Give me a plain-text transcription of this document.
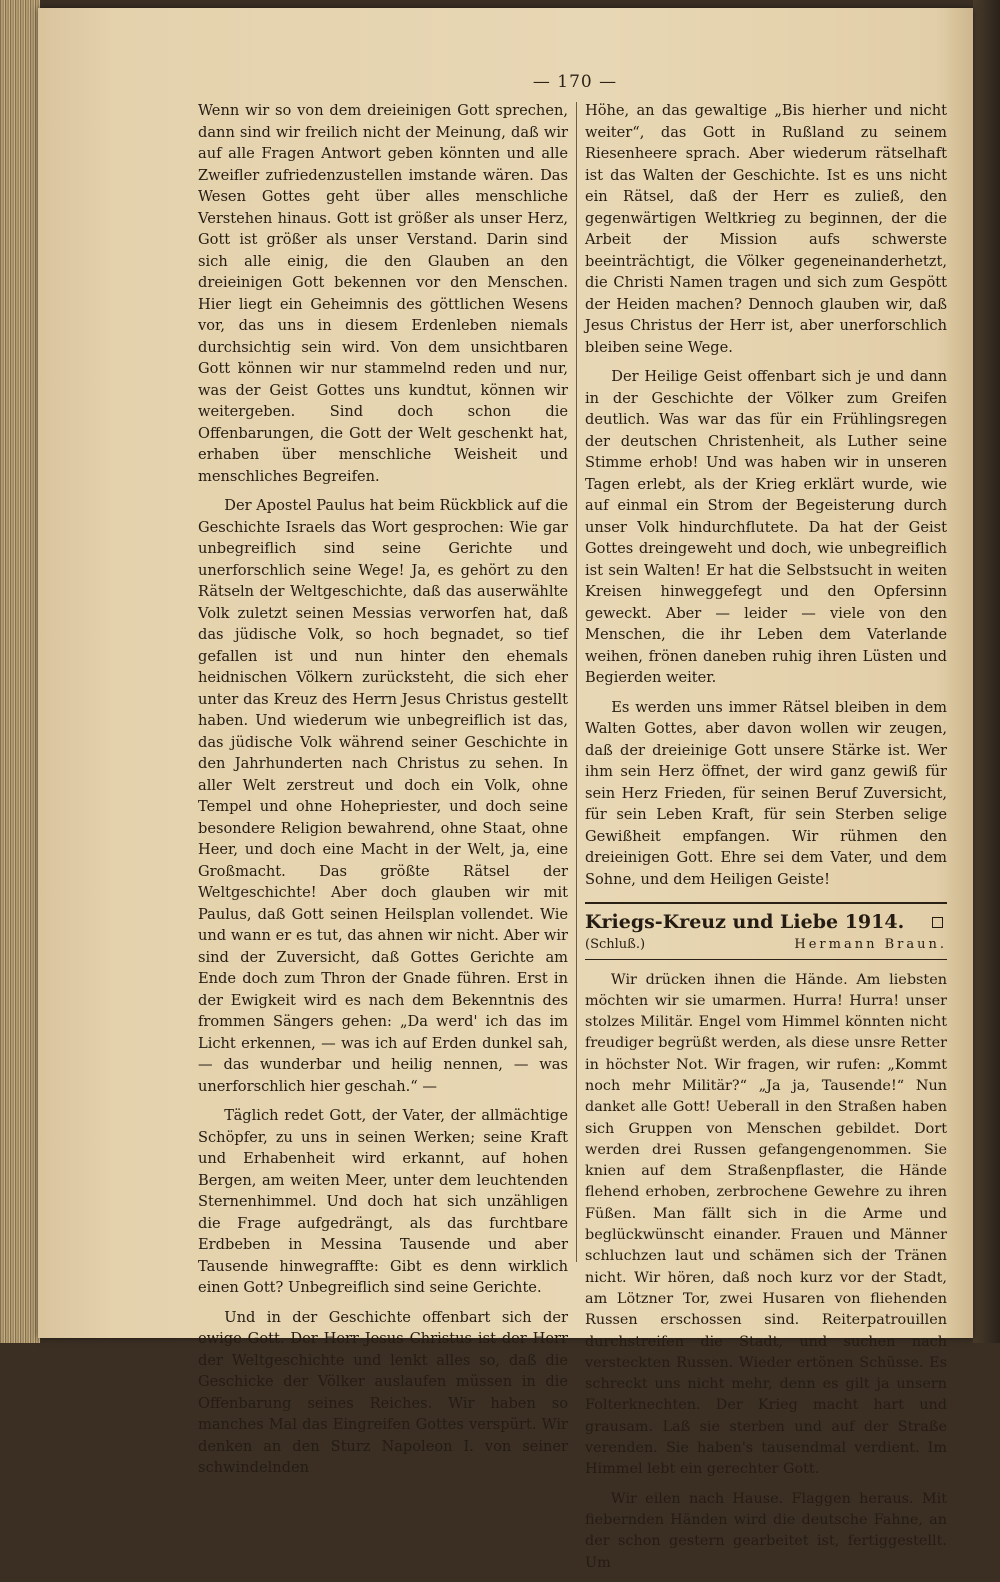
— 170 —

Wenn wir so von dem dreieinigen Gott sprechen, dann sind wir freilich nicht der Meinung, daß wir auf alle Fragen Antwort geben könnten und alle Zweifler zufriedenzustellen imstande wären. Das Wesen Gottes geht über alles menschliche Verstehen hinaus. Gott ist größer als unser Herz, Gott ist größer als unser Verstand. Darin sind sich alle einig, die den Glauben an den dreieinigen Gott bekennen vor den Menschen. Hier liegt ein Geheimnis des göttlichen Wesens vor, das uns in diesem Erdenleben niemals durchsichtig sein wird. Von dem unsichtbaren Gott können wir nur stammelnd reden und nur, was der Geist Gottes uns kundtut, können wir weitergeben. Sind doch schon die Offenbarungen, die Gott der Welt geschenkt hat, erhaben über menschliche Weisheit und menschliches Begreifen.

Der Apostel Paulus hat beim Rückblick auf die Geschichte Israels das Wort gesprochen: Wie gar unbegreiflich sind seine Gerichte und unerforschlich seine Wege! Ja, es gehört zu den Rätseln der Weltgeschichte, daß das auserwählte Volk zuletzt seinen Messias verworfen hat, daß das jüdische Volk, so hoch begnadet, so tief gefallen ist und nun hinter den ehemals heidnischen Völkern zurücksteht, die sich eher unter das Kreuz des Herrn Jesus Christus gestellt haben. Und wiederum wie unbegreiflich ist das, das jüdische Volk während seiner Geschichte in den Jahrhunderten nach Christus zu sehen. In aller Welt zerstreut und doch ein Volk, ohne Tempel und ohne Hohepriester, und doch seine besondere Religion bewahrend, ohne Staat, ohne Heer, und doch eine Macht in der Welt, ja, eine Großmacht. Das größte Rätsel der Weltgeschichte! Aber doch glauben wir mit Paulus, daß Gott seinen Heilsplan vollendet. Wie und wann er es tut, das ahnen wir nicht. Aber wir sind der Zuversicht, daß Gottes Gerichte am Ende doch zum Thron der Gnade führen. Erst in der Ewigkeit wird es nach dem Bekenntnis des frommen Sängers gehen: „Da werd' ich das im Licht erkennen, — was ich auf Erden dunkel sah, — das wunderbar und heilig nennen, — was unerforschlich hier geschah.“ —

Täglich redet Gott, der Vater, der allmächtige Schöpfer, zu uns in seinen Werken; seine Kraft und Erhabenheit wird erkannt, auf hohen Bergen, am weiten Meer, unter dem leuchtenden Sternenhimmel. Und doch hat sich unzähligen die Frage aufgedrängt, als das furchtbare Erdbeben in Messina Tausende und aber Tausende hinwegraffte: Gibt es denn wirklich einen Gott? Unbegreiflich sind seine Gerichte.

Und in der Geschichte offenbart sich der ewige Gott. Der Herr Jesus Christus ist der Herr der Weltgeschichte und lenkt alles so, daß die Geschicke der Völker auslaufen müssen in die Offenbarung seines Reiches. Wir haben so manches Mal das Eingreifen Gottes verspürt. Wir denken an den Sturz Napoleon I. von seiner schwindelnden

Höhe, an das gewaltige „Bis hierher und nicht weiter“, das Gott in Rußland zu seinem Riesenheere sprach. Aber wiederum rätselhaft ist das Walten der Geschichte. Ist es uns nicht ein Rätsel, daß der Herr es zuließ, den gegenwärtigen Weltkrieg zu beginnen, der die Arbeit der Mission aufs schwerste beeinträchtigt, die Völker gegeneinanderhetzt, die Christi Namen tragen und sich zum Gespött der Heiden machen? Dennoch glauben wir, daß Jesus Christus der Herr ist, aber unerforschlich bleiben seine Wege.

Der Heilige Geist offenbart sich je und dann in der Geschichte der Völker zum Greifen deutlich. Was war das für ein Frühlingsregen der deutschen Christenheit, als Luther seine Stimme erhob! Und was haben wir in unseren Tagen erlebt, als der Krieg erklärt wurde, wie auf einmal ein Strom der Begeisterung durch unser Volk hindurchflutete. Da hat der Geist Gottes dreingeweht und doch, wie unbegreiflich ist sein Walten! Er hat die Selbstsucht in weiten Kreisen hinweggefegt und den Opfersinn geweckt. Aber — leider — viele von den Menschen, die ihr Leben dem Vaterlande weihen, frönen daneben ruhig ihren Lüsten und Begierden weiter.

Es werden uns immer Rätsel bleiben in dem Walten Gottes, aber davon wollen wir zeugen, daß der dreieinige Gott unsere Stärke ist. Wer ihm sein Herz öffnet, der wird ganz gewiß für sein Herz Frieden, für seinen Beruf Zuversicht, für sein Leben Kraft, für sein Sterben selige Gewißheit empfangen. Wir rühmen den dreieinigen Gott. Ehre sei dem Vater, und dem Sohne, und dem Heiligen Geiste!

Kriegs-Kreuz und Liebe 1914.
(Schluß.)	Hermann Braun.

Wir drücken ihnen die Hände. Am liebsten möchten wir sie umarmen. Hurra! Hurra! unser stolzes Militär. Engel vom Himmel könnten nicht freudiger begrüßt werden, als diese unsre Retter in höchster Not. Wir fragen, wir rufen: „Kommt noch mehr Militär?“ „Ja ja, Tausende!“ Nun danket alle Gott! Ueberall in den Straßen haben sich Gruppen von Menschen gebildet. Dort werden drei Russen gefangengenommen. Sie knien auf dem Straßenpflaster, die Hände flehend erhoben, zerbrochene Gewehre zu ihren Füßen. Man fällt sich in die Arme und beglückwünscht einander. Frauen und Männer schluchzen laut und schämen sich der Tränen nicht. Wir hören, daß noch kurz vor der Stadt, am Lötzner Tor, zwei Husaren von fliehenden Russen erschossen sind. Reiterpatrouillen durchstreifen die Stadt, und suchen nach versteckten Russen. Wieder ertönen Schüsse. Es schreckt uns nicht mehr, denn es gilt ja unsern Folterknechten. Der Krieg macht hart und grausam. Laß sie sterben und auf der Straße verenden. Sie haben's tausendmal verdient. Im Himmel lebt ein gerechter Gott.

Wir eilen nach Hause. Flaggen heraus. Mit fiebernden Händen wird die deutsche Fahne, an der schon gestern gearbeitet ist, fertiggestellt. Um
